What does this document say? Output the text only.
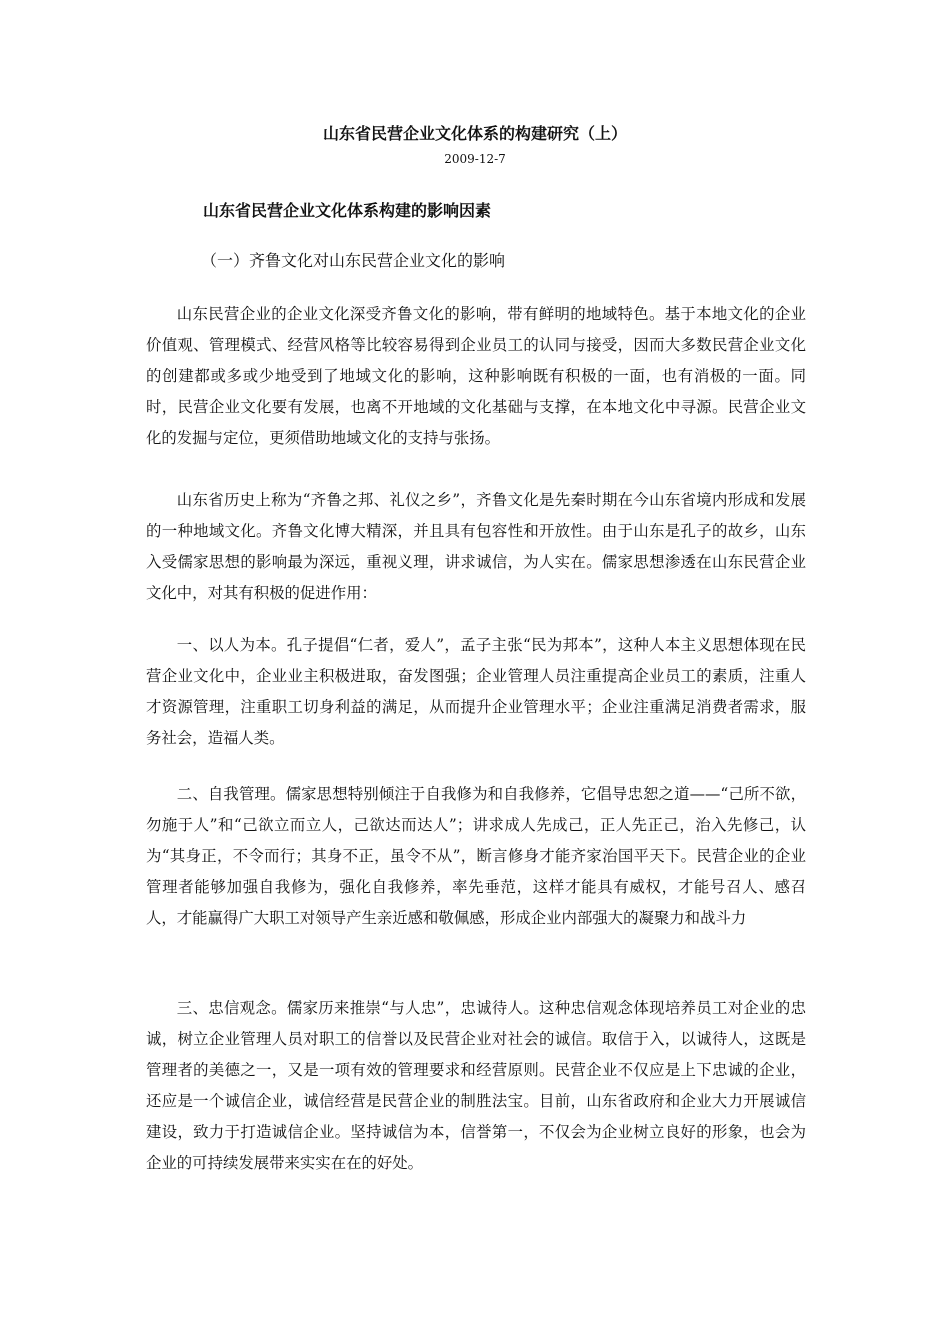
山东省民营企业文化体系的构建研究（上）
2009-12-7
山东省民营企业文化体系构建的影响因素
（一）齐鲁文化对山东民营企业文化的影响

山东民营企业的企业文化深受齐鲁文化的影响，带有鲜明的地域特色。基于本地文化的企业价值观、管理模式、经营风格等比较容易得到企业员工的认同与接受，因而大多数民营企业文化的创建都或多或少地受到了地域文化的影响，这种影响既有积极的一面，也有消极的一面。同时，民营企业文化要有发展，也离不开地域的文化基础与支撑，在本地文化中寻源。民营企业文化的发掘与定位，更须借助地域文化的支持与张扬。

山东省历史上称为“齐鲁之邦、礼仪之乡”，齐鲁文化是先秦时期在今山东省境内形成和发展的一种地域文化。齐鲁文化博大精深，并且具有包容性和开放性。由于山东是孔子的故乡，山东入受儒家思想的影响最为深远，重视义理，讲求诚信，为人实在。儒家思想渗透在山东民营企业文化中，对其有积极的促进作用：

一、以人为本。孔子提倡“仁者，爱人”，孟子主张“民为邦本”，这种人本主义思想体现在民营企业文化中，企业业主积极进取，奋发图强；企业管理人员注重提高企业员工的素质，注重人才资源管理，注重职工切身利益的满足，从而提升企业管理水平；企业注重满足消费者需求，服务社会，造福人类。

二、自我管理。儒家思想特别倾注于自我修为和自我修养，它倡导忠恕之道——“己所不欲，勿施于人”和“己欲立而立人，己欲达而达人”；讲求成人先成己，正人先正己，治入先修己，认为“其身正，不令而行；其身不正，虽令不从”，断言修身才能齐家治国平天下。民营企业的企业管理者能够加强自我修为，强化自我修养，率先垂范，这样才能具有威权，才能号召人、感召人，才能赢得广大职工对领导产生亲近感和敬佩感，形成企业内部强大的凝聚力和战斗力

三、忠信观念。儒家历来推崇“与人忠”，忠诚待人。这种忠信观念体现培养员工对企业的忠诚，树立企业管理人员对职工的信誉以及民营企业对社会的诚信。取信于入，以诚待人，这既是管理者的美德之一，又是一项有效的管理要求和经营原则。民营企业不仅应是上下忠诚的企业，还应是一个诚信企业，诚信经营是民营企业的制胜法宝。目前，山东省政府和企业大力开展诚信建设，致力于打造诚信企业。坚持诚信为本，信誉第一，不仅会为企业树立良好的形象，也会为企业的可持续发展带来实实在在的好处。
